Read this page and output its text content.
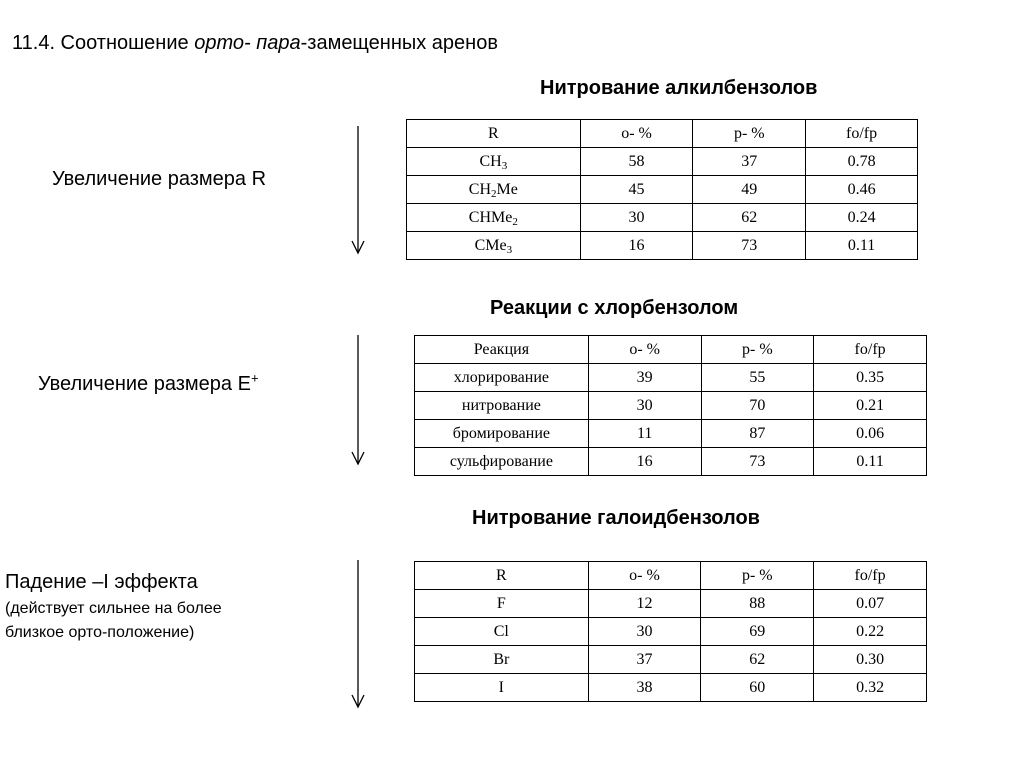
11.4. Соотношение орто- пара-замещенных аренов
Нитрование алкилбензолов
Увеличение размера R
R	o- %	p- %	fo/fp
$CH_3$	58	37	0.78
$CH_2Me$	45	49	0.46
CHMe$_2$	30	62	0.24
CMe$_3$	16	73	0.11
Реакции с хлорбензолом
Увеличение размера E+
Реакция	o- %	p- %	fo/fp
хлорирование	39	55	0.35
нитрование	30	70	0.21
бромирование	11	87	0.06
сульфирование	16	73	0.11
Нитрование галоидбензолов
Падение –I эффекта
(действует сильнее на более
близкое орто-положение)
R	o- %	p- %	fo/fp
F	12	88	0.07
Cl	30	69	0.22
Br	37	62	0.30
I	38	60	0.32
